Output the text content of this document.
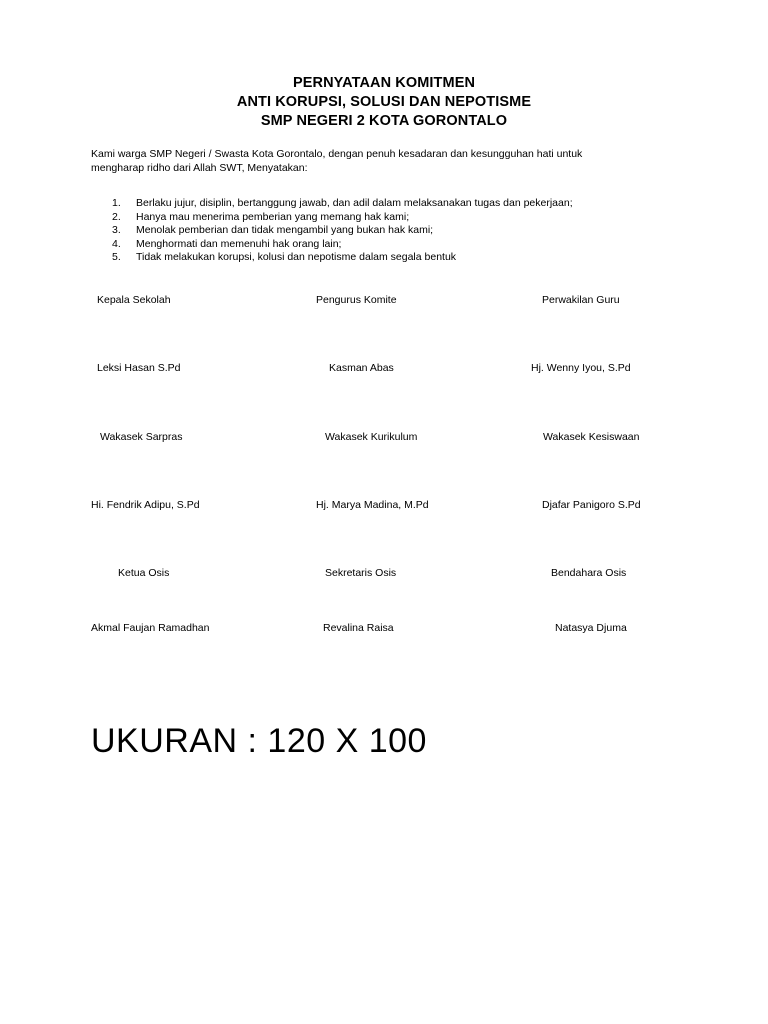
PERNYATAAN KOMITMEN
ANTI KORUPSI, SOLUSI DAN NEPOTISME
SMP NEGERI 2 KOTA GORONTALO
Kami warga SMP Negeri / Swasta Kota Gorontalo, dengan penuh kesadaran dan kesungguhan hati untuk
mengharap ridho dari Allah SWT, Menyatakan:
1. Berlaku jujur, disiplin, bertanggung jawab, dan adil dalam melaksanakan tugas dan pekerjaan;
2. Hanya mau menerima pemberian yang memang hak kami;
3. Menolak pemberian dan tidak mengambil yang bukan hak kami;
4. Menghormati dan memenuhi hak orang lain;
5. Tidak melakukan korupsi, kolusi dan nepotisme dalam segala bentuk
Kepala Sekolah	Pengurus Komite	Perwakilan Guru
Leksi Hasan S.Pd	Kasman Abas	Hj. Wenny Iyou, S.Pd
Wakasek Sarpras	Wakasek Kurikulum	Wakasek Kesiswaan
Hi. Fendrik Adipu, S.Pd	Hj. Marya Madina, M.Pd	Djafar Panigoro S.Pd
Ketua Osis	Sekretaris Osis	Bendahara Osis
Akmal Faujan Ramadhan	Revalina Raisa	Natasya Djuma
UKURAN : 120 X 100
